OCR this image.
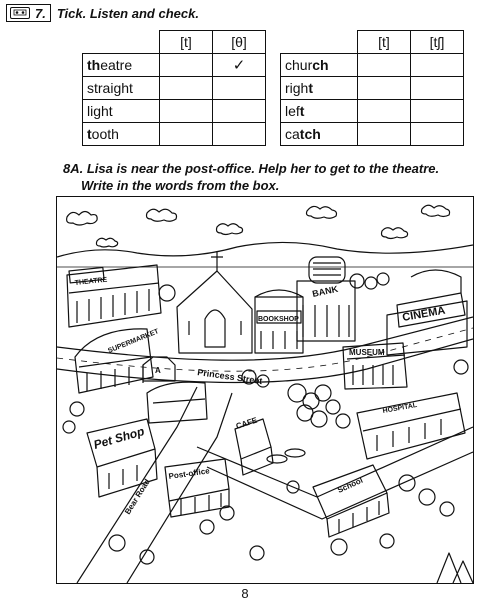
7. Tick. Listen and check.
	[t]	[θ]
theatre		✓
straight		
light		
tooth		
	[t]	[tʃ]
church		
right		
left		
catch		
8A. Lisa is near the post-office. Help her to get to the theatre.
Write in the words from the box.
THEATRE
SUPERMARKET
BOOKSHOP
BANK
CINEMA
MUSEUM
Princess Street
A
CAFE
HOSPITAL
Pet Shop
Post-office
School
Bear Road
8
